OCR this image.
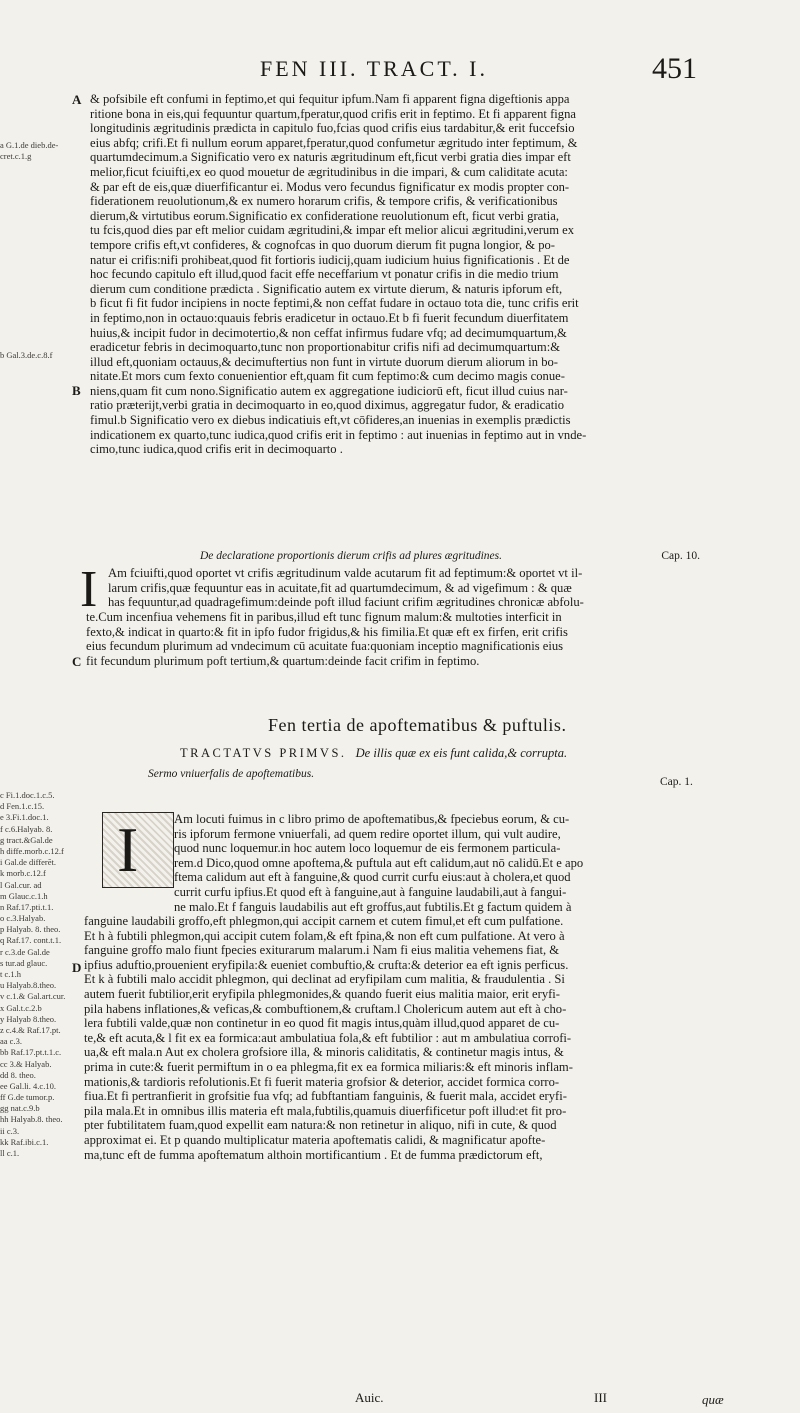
FEN III. TRACT. I.	451
a G.1.de dieb.de-
cret.c.1.g
b Gal.3.de.c.8.f
A
B
C
D
& pofsibile eft confumi in feptimo,et qui fequitur ipfum.Nam fi apparent figna digeftionis appa
ritione bona in eis,qui fequuntur quartum,fperatur,quod crifis erit in feptimo. Et fi apparent figna
longitudinis ægritudinis prædicta in capitulo fuo,fcias quod crifis eius tardabitur,& erit fuccefsio
eius abfq; crifi.Et fi nullum eorum apparet,fperatur,quod confumetur ægritudo inter feptimum, &
quartumdecimum.a Significatio vero ex naturis ægritudinum eft,ficut verbi gratia dies impar eft
melior,ficut fciuifti,ex eo quod mouetur de ægritudinibus in die impari, & cum caliditate acuta:
& par eft de eis,quæ diuerfificantur ei. Modus vero fecundus fignificatur ex modis propter con-
fiderationem reuolutionum,& ex numero horarum crifis, & tempore crifis, & verificationibus
dierum,& virtutibus eorum.Significatio ex confideratione reuolutionum eft, ficut verbi gratia,
tu fcis,quod dies par eft melior cuidam ægritudini,& impar eft melior alicui ægritudini,verum ex
tempore crifis eft,vt confideres, & cognofcas in quo duorum dierum fit pugna longior, & po-
natur ei crifis:nifi prohibeat,quod fit fortioris iudicij,quam iudicium huius fignificationis . Et de
hoc fecundo capitulo eft illud,quod facit effe neceffarium vt ponatur crifis in die medio trium
dierum cum conditione prædicta . Significatio autem ex virtute dierum, & naturis ipforum eft,
b ficut fi fit fudor incipiens in nocte feptimi,& non ceffat fudare in octauo tota die, tunc crifis erit
in feptimo,non in octauo:quauis febris eradicetur in octauo.Et b fi fuerit fecundum diuerfitatem
huius,& incipit fudor in decimotertio,& non ceffat infirmus fudare vfq; ad decimumquartum,&
eradicetur febris in decimoquarto,tunc non proportionabitur crifis nifi ad decimumquartum:&
illud eft,quoniam octauus,& decimuftertius non funt in virtute duorum dierum aliorum in bo-
nitate.Et mors cum fexto conuenientior eft,quam fit cum feptimo:& cum decimo magis conue-
niens,quam fit cum nono.Significatio autem ex aggregatione iudiciorū eft, ficut illud cuius nar-
ratio præterijt,verbi gratia in decimoquarto in eo,quod diximus, aggregatur fudor, & eradicatio
fimul.b Significatio vero ex diebus indicatiuis eft,vt cōfideres,an inuenias in exemplis prædictis
indicationem ex quarto,tunc iudica,quod crifis erit in feptimo : aut inuenias in feptimo aut in vnde-
cimo,tunc iudica,quod crifis erit in decimoquarto .
De declaratione proportionis dierum crifis ad plures ægritudines.	Cap. 10.
I Am fciuifti,quod oportet vt crifis ægritudinum valde acutarum fit ad feptimum:& oportet vt il-
larum crifis,quæ fequuntur eas in acuitate,fit ad quartumdecimum, & ad vigefimum : & quæ
has fequuntur,ad quadragefimum:deinde poft illud faciunt crifim ægritudines chronicæ abfolu-
te.Cum incenfiua vehemens fit in paribus,illud eft tunc fignum malum:& multoties interficit in
fexto,& indicat in quarto:& fit in ipfo fudor frigidus,& his fimilia.Et quæ eft ex firfen, erit crifis
eius fecundum plurimum ad vndecimum cū acuitate fua:quoniam inceptio magnificationis eius
fit fecundum plurimum poft tertium,& quartum:deinde facit crifim in feptimo.
Fen tertia de apoftematibus & puftulis.
TRACTATVS PRIMVS. De illis quæ ex eis funt calida,& corrupta.
Sermo vniuerfalis de apoftematibus.
Cap. 1.
I
c Fi.1.doc.1.c.5.
d Fen.1.c.15.
e 3.Fi.1.doc.1.
f c.6.Halyab. 8.
g tract.&Gal.de
h diffe.morb.c.12.f
i Gal.de differēt.
k morb.c.12.f
l Gal.cur. ad
m Glauc.c.1.h
n Raf.17.pti.t.1.
o c.3.Halyab.
p Halyab. 8. theo.
q Raf.17. cont.t.1.
r c.3.de Gal.de
s tur.ad glauc.
t c.1.h
u Halyab.8.theo.
v c.1.& Gal.art.cur.
x Gal.t.c.2.b
y Halyab 8.theo.
z c.4.& Raf.17.pt.
aa c.3.
bb Raf.17.pt.t.1.c.
cc 3.& Halyab.
dd 8. theo.
ee Gal.li. 4.c.10.
ff G.de tumor.p.
gg nat.c.9.b
hh Halyab.8. theo.
ii c.3.
kk Raf.ibi.c.1.
ll c.1.
Am locuti fuimus in c libro primo de apoftematibus,& fpeciebus eorum, & cu-
ris ipforum fermone vniuerfali, ad quem redire oportet illum, qui vult audire,
quod nunc loquemur.in hoc autem loco loquemur de eis fermonem particula-
rem.d Dico,quod omne apoftema,& puftula aut eft calidum,aut nō calidū.Et e apo
ftema calidum aut eft à fanguine,& quod currit curfu eius:aut à cholera,et quod
currit curfu ipfius.Et quod eft à fanguine,aut à fanguine laudabili,aut à fangui-
ne malo.Et f fanguis laudabilis aut eft groffus,aut fubtilis.Et g factum quidem à
fanguine laudabili groffo,eft phlegmon,qui accipit carnem et cutem fimul,et eft cum pulfatione.
Et h à fubtili phlegmon,qui accipit cutem folam,& eft fpina,& non eft cum pulfatione. At vero à
fanguine groffo malo fiunt fpecies exiturarum malarum.i Nam fi eius malitia vehemens fiat, &
ipfius aduftio,prouenient eryfipila:& eueniet combuftio,& crufta:& deterior ea eft ignis perficus.
Et k à fubtili malo accidit phlegmon, qui declinat ad eryfipilam cum malitia, & fraudulentia . Si
autem fuerit fubtilior,erit eryfipila phlegmonides,& quando fuerit eius malitia maior, erit eryfi-
pila habens inflationes,& veficas,& combuftionem,& cruftam.l Cholericum autem aut eft à cho-
lera fubtili valde,quæ non continetur in eo quod fit magis intus,quàm illud,quod apparet de cu-
te,& eft acuta,& l fit ex ea formica:aut ambulatiua fola,& eft fubtilior : aut m ambulatiua corrofi-
ua,& eft mala.n Aut ex cholera grofsiore illa, & minoris caliditatis, & continetur magis intus, &
prima in cute:& fuerit permiftum in o ea phlegma,fit ex ea formica miliaris:& eft minoris inflam-
mationis,& tardioris refolutionis.Et fi fuerit materia grofsior & deterior, accidet formica corro-
fiua.Et fi pertranfierit in grofsitie fua vfq; ad fubftantiam fanguinis, & fuerit mala, accidet eryfi-
pila mala.Et in omnibus illis materia eft mala,fubtilis,quamuis diuerfificetur poft illud:et fit pro-
pter fubtilitatem fuam,quod expellit eam natura:& non retinetur in aliquo, nifi in cute, & quod
approximat ei. Et p quando multiplicatur materia apoftematis calidi, & magnificatur apofte-
ma,tunc eft de fumma apoftematum althoin mortificantium . Et de fumma prædictorum eft,
Auic.	III	quæ
